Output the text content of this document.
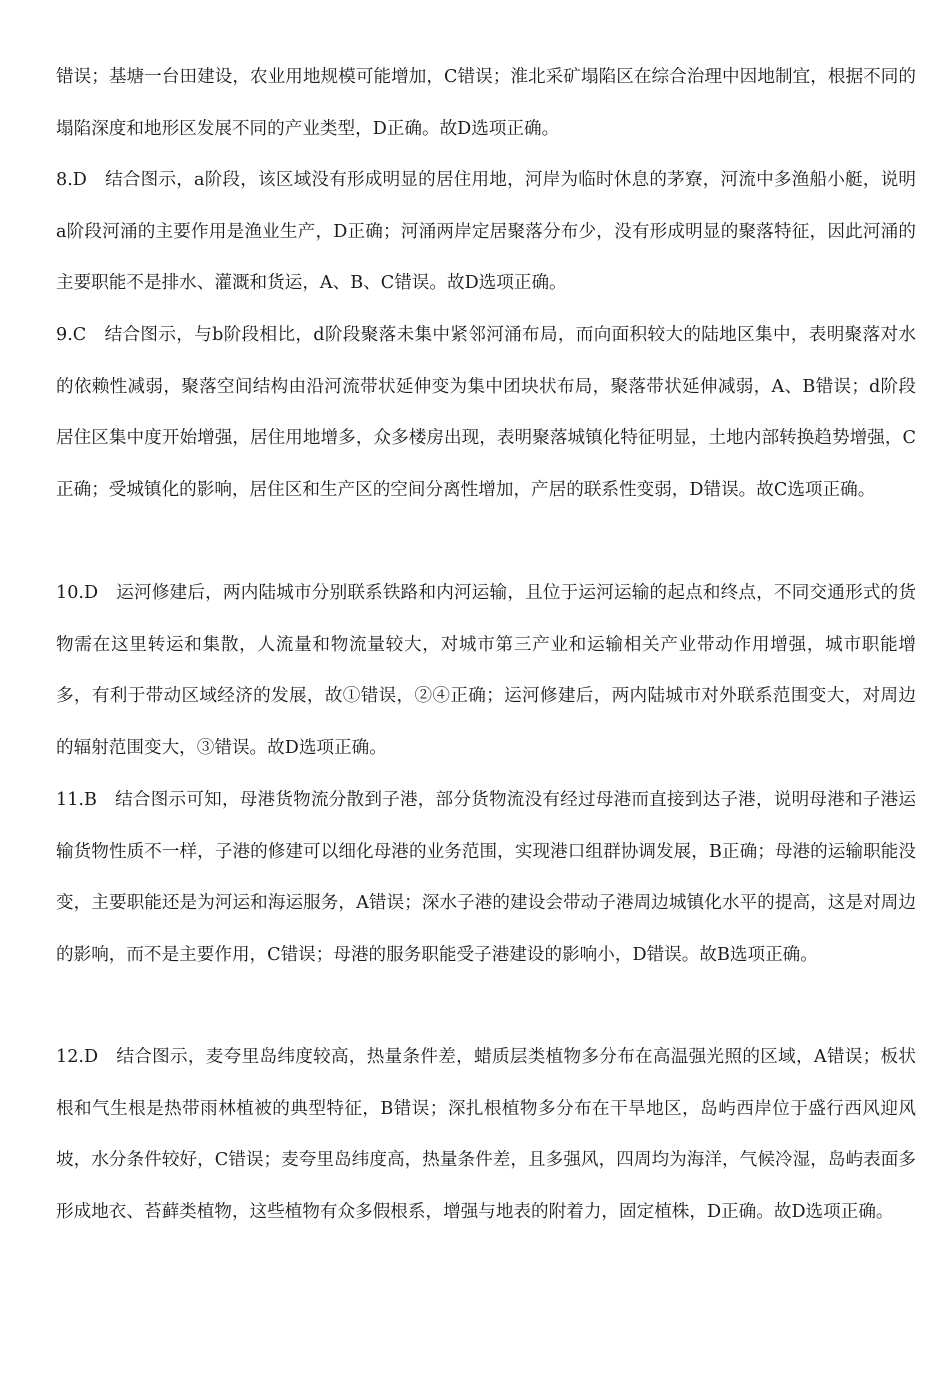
错误；基塘一台田建设，农业用地规模可能增加，C错误；淮北采矿塌陷区在综合治理中因地制宜，根据不同的塌陷深度和地形区发展不同的产业类型，D正确。故D选项正确。

8.D 结合图示，a阶段，该区域没有形成明显的居住用地，河岸为临时休息的茅寮，河流中多渔船小艇，说明a阶段河涌的主要作用是渔业生产，D正确；河涌两岸定居聚落分布少，没有形成明显的聚落特征，因此河涌的主要职能不是排水、灌溉和货运，A、B、C错误。故D选项正确。

9.C 结合图示，与b阶段相比，d阶段聚落未集中紧邻河涌布局，而向面积较大的陆地区集中，表明聚落对水的依赖性减弱，聚落空间结构由沿河流带状延伸变为集中团块状布局，聚落带状延伸减弱，A、B错误；d阶段居住区集中度开始增强，居住用地增多，众多楼房出现，表明聚落城镇化特征明显，土地内部转换趋势增强，C正确；受城镇化的影响，居住区和生产区的空间分离性增加，产居的联系性变弱，D错误。故C选项正确。

10.D 运河修建后，两内陆城市分别联系铁路和内河运输，且位于运河运输的起点和终点，不同交通形式的货物需在这里转运和集散，人流量和物流量较大，对城市第三产业和运输相关产业带动作用增强，城市职能增多，有利于带动区域经济的发展，故①错误，②④正确；运河修建后，两内陆城市对外联系范围变大，对周边的辐射范围变大，③错误。故D选项正确。

11.B 结合图示可知，母港货物流分散到子港，部分货物流没有经过母港而直接到达子港，说明母港和子港运输货物性质不一样，子港的修建可以细化母港的业务范围，实现港口组群协调发展，B正确；母港的运输职能没变，主要职能还是为河运和海运服务，A错误；深水子港的建设会带动子港周边城镇化水平的提高，这是对周边的影响，而不是主要作用，C错误；母港的服务职能受子港建设的影响小，D错误。故B选项正确。

12.D 结合图示，麦夸里岛纬度较高，热量条件差，蜡质层类植物多分布在高温强光照的区域，A错误；板状根和气生根是热带雨林植被的典型特征，B错误；深扎根植物多分布在干旱地区，岛屿西岸位于盛行西风迎风坡，水分条件较好，C错误；麦夸里岛纬度高，热量条件差，且多强风，四周均为海洋，气候冷湿，岛屿表面多形成地衣、苔藓类植物，这些植物有众多假根系，增强与地表的附着力，固定植株，D正确。故D选项正确。
